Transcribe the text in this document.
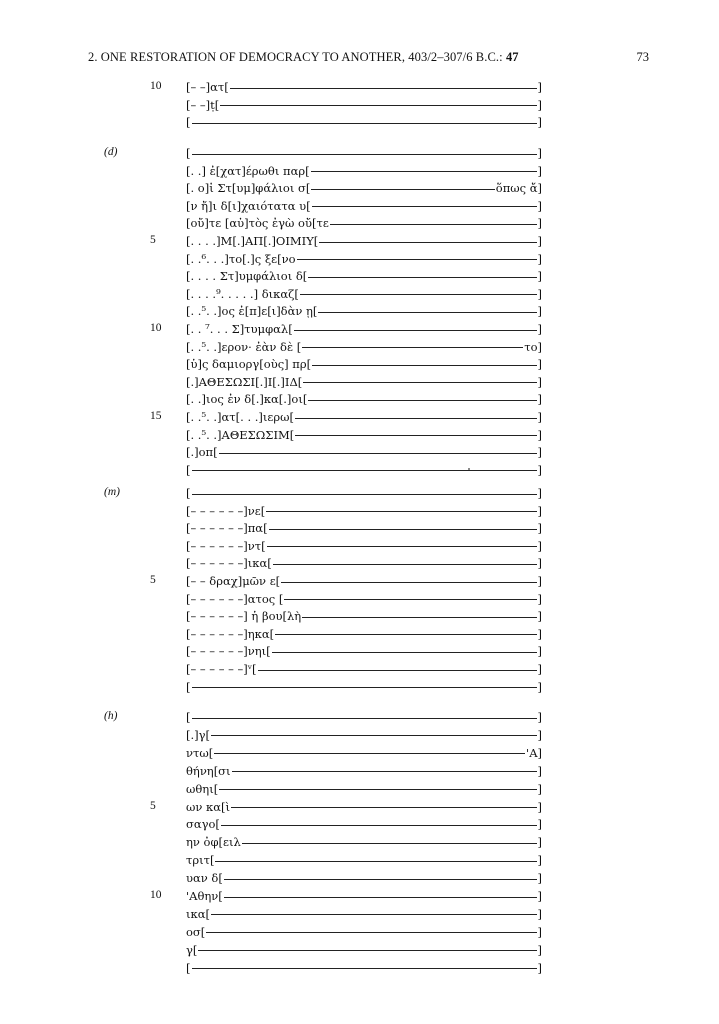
2. ONE RESTORATION OF DEMOCRACY TO ANOTHER, 403/2–307/6 B.C.: 47	73
10	[– –]ατ[	]
[– –]ṭ[	]
[	]
(d)	[	]
[. .] ἐ[χατ]έρωθι παρ[	]
[. ο]ἱ Στ[υμ]φάλιοι σ[	ὅπως ἄ]
[ν ἤ]ι δ[ι]χαιότατα υ[	]
[οὔ]τε [αὐ]τὸς ἐγὼ οὔ[τε	]
5	[. . . .]Μ[.]ΑΠ[.]ΟΙΜΙΥ[	]
[. .⁶. . .]το[.]ς ξε[νο	]
[. . . . Στ]υμφάλιοι δ[	]
[. . . .⁹. . . . .] δικαζ[	]
[. .⁵. .]ος ἐ[π]ε[ι]δὰν ῃ[	]
10	[. . ⁷. . . Σ]τυμφαλ[	]
[. .⁵. .]ερον· ἐὰν δὲ [	το]
[ὑ]ς δαμιοργ[οὺς] πρ[	]
[.]ΑΘΕΣΩΣΙ[.]Ι[.]ΙΔ[	]
[. .]ιος ἐν δ[.]κα[.]οι[	]
15	[. .⁵. .]ατ[. . .]ιερω[	]
[. .⁵. .]ΑΘΕΣΩΣΙΜ[	]
[.]οπ[	]
[	]
(m)	[	]
[– – – – – –]νε[	]
[– – – – – –]πα[	]
[– – – – – –]ντ[	]
[– – – – – –]ικα[	]
5	[– – δραχ]μῶν ε[	]
[– – – – – –]ατος [	]
[– – – – – –] ἡ βου[λὴ	]
[– – – – – –]ηκα[	]
[– – – – – –]νηι[	]
[– – – – – –]ᵛ[	]
[	]
(h)	[	]
[.]γ[	]
ντω[	'Α]
θήνη[σι	]
ωθηι[	]
5	ων κα[ὶ	]
σαγο[	]
ην ὀφ[ειλ	]
τριτ[	]
υαν δ[	]
10	'Αθην[	]
ικα[	]
οσ[	]
γ[	]
[	]
